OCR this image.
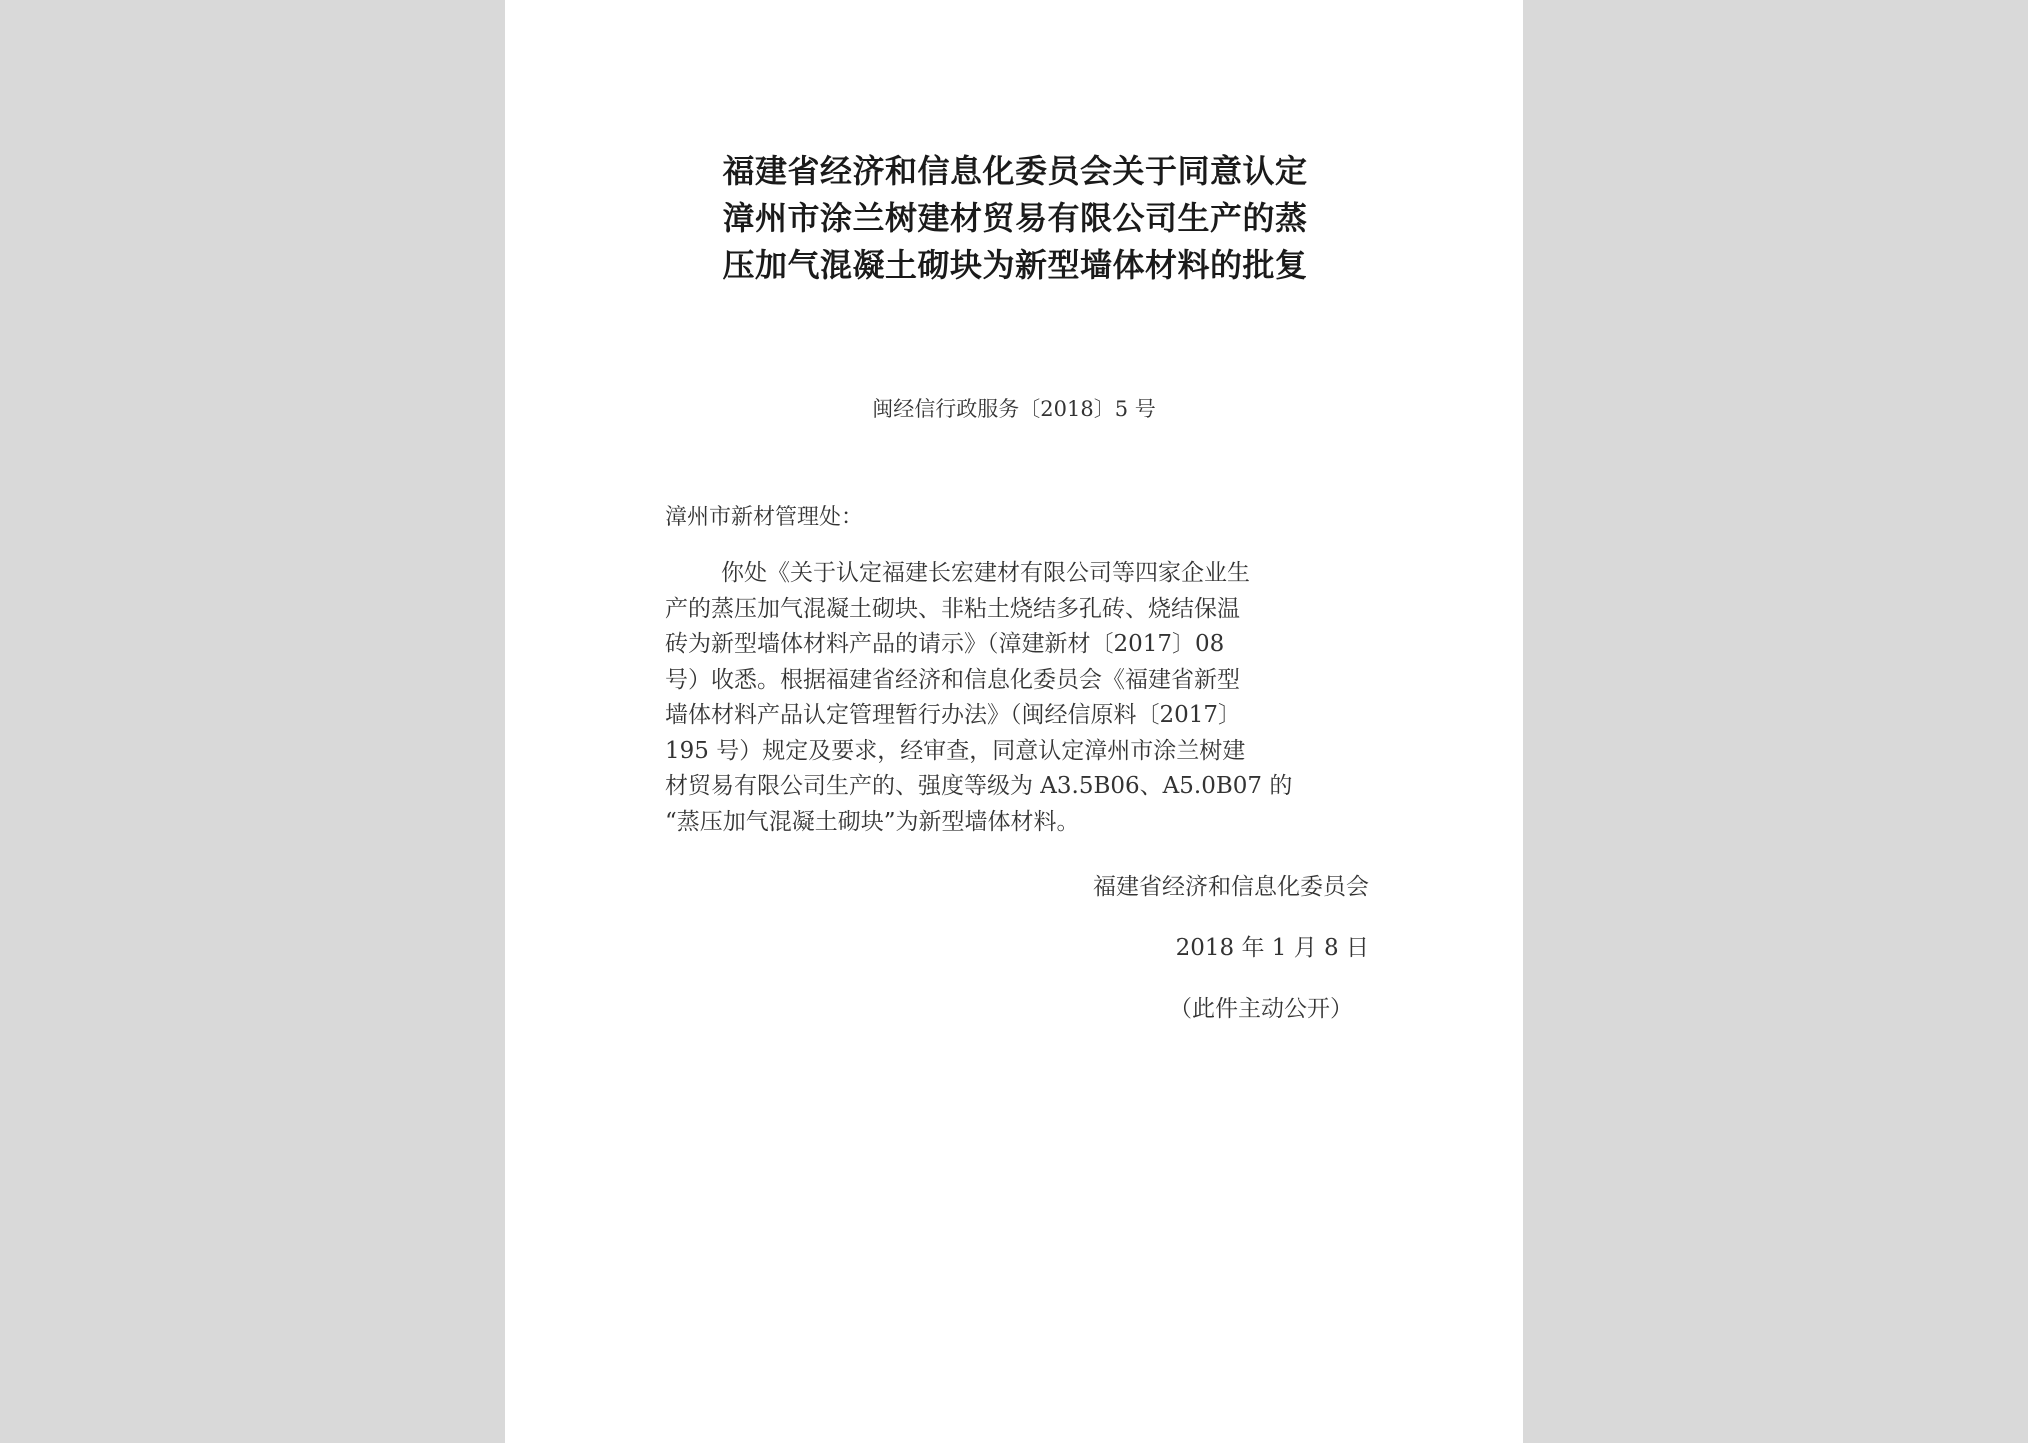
福建省经济和信息化委员会关于同意认定
漳州市涂兰树建材贸易有限公司生产的蒸
压加气混凝土砌块为新型墙体材料的批复
闽经信行政服务〔2018〕5 号
漳州市新材管理处：
你处《关于认定福建长宏建材有限公司等四家企业生
产的蒸压加气混凝土砌块、非粘土烧结多孔砖、烧结保温
砖为新型墙体材料产品的请示》（漳建新材〔2017〕08
号）收悉。根据福建省经济和信息化委员会《福建省新型
墙体材料产品认定管理暂行办法》（闽经信原料〔2017〕
195 号）规定及要求，经审查，同意认定漳州市涂兰树建
材贸易有限公司生产的、强度等级为 A3.5B06、A5.0B07 的
“蒸压加气混凝土砌块”为新型墙体材料。
福建省经济和信息化委员会
2018 年 1 月 8 日
（此件主动公开）
